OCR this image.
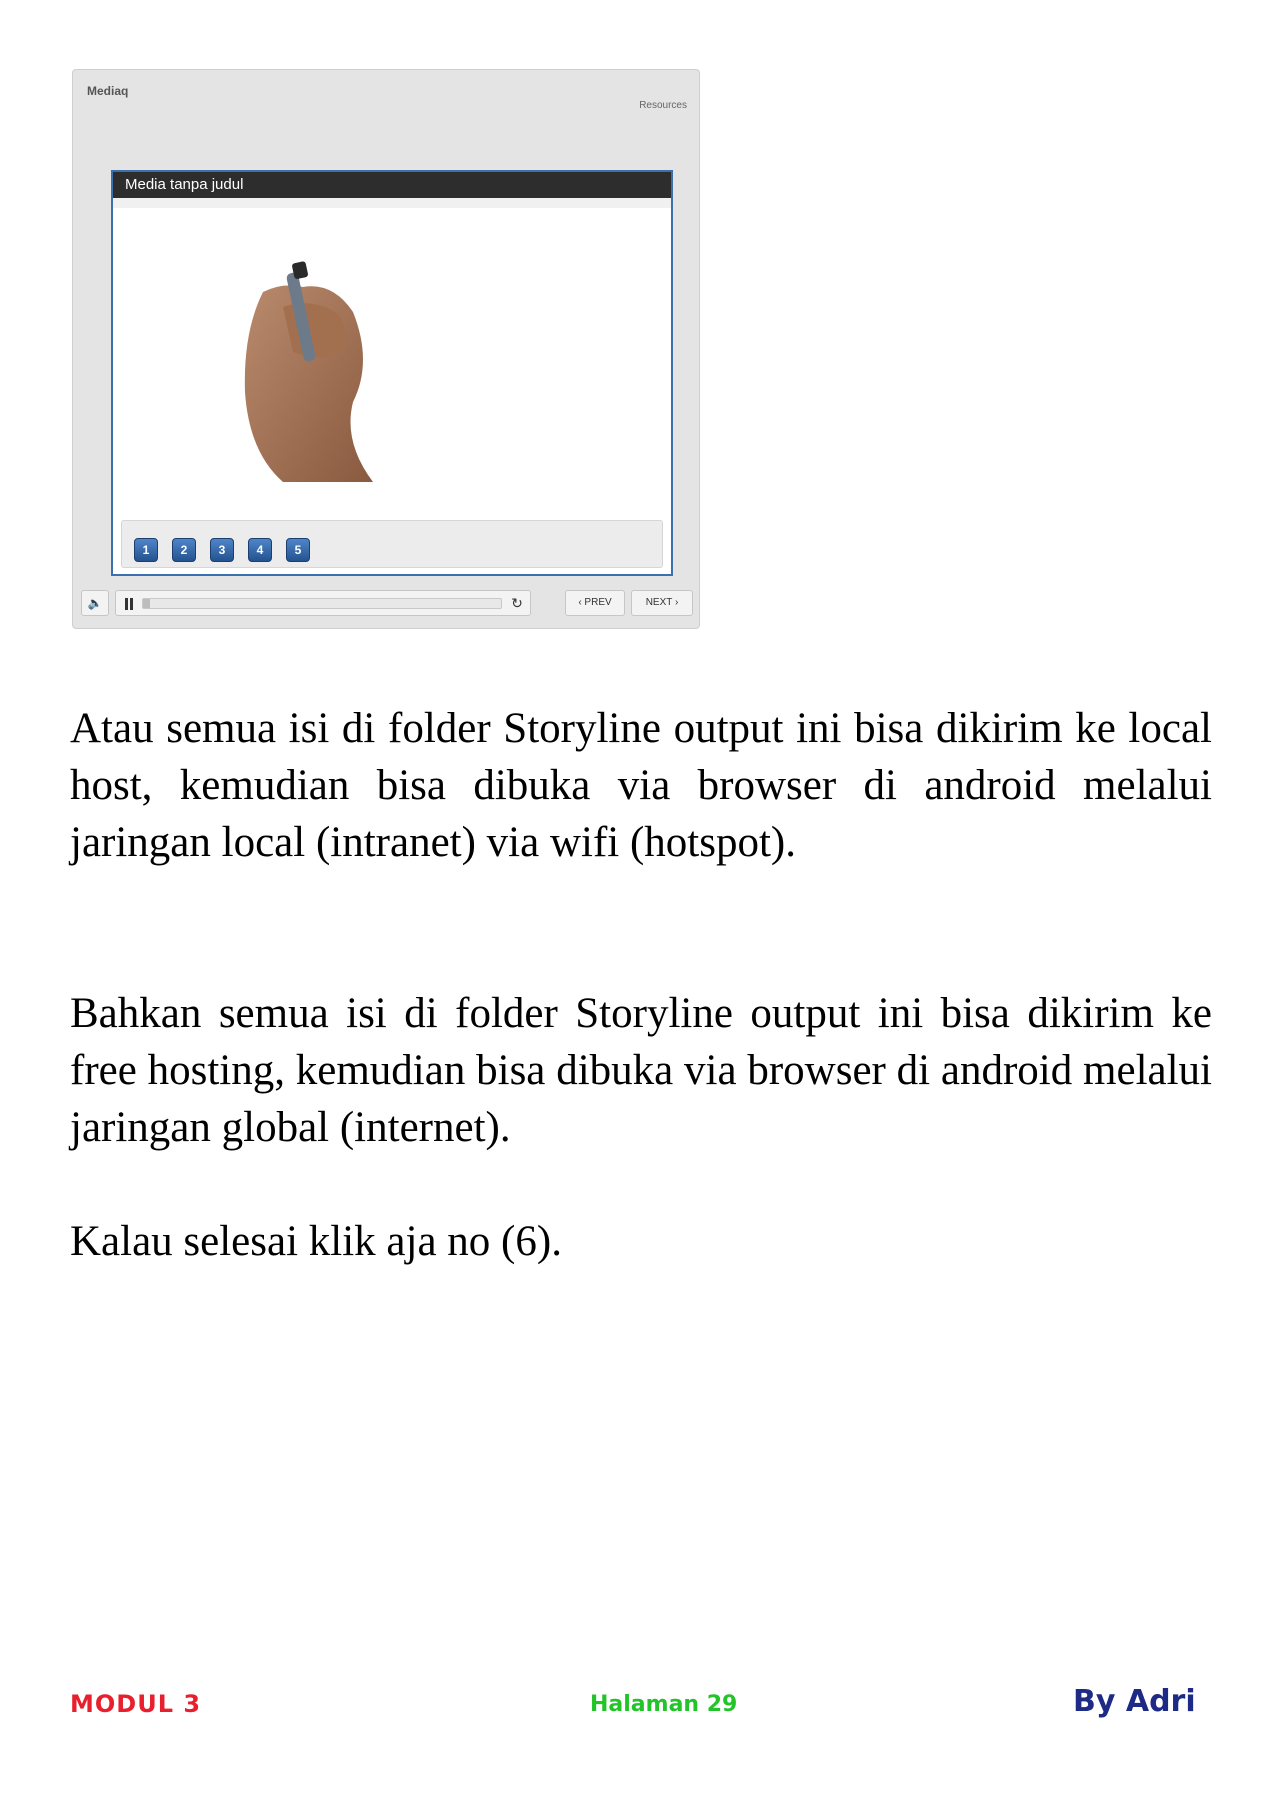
Mediaq
Resources
Media tanpa judul
1	2	3	4	5
🔈	↻	‹ PREV	NEXT ›
Atau semua isi di folder Storyline output ini bisa dikirim ke local host, kemudian bisa dibuka via browser di android melalui jaringan local (intranet) via wifi (hotspot).
Bahkan semua isi di folder Storyline output ini bisa dikirim ke free hosting, kemudian bisa dibuka via browser di android melalui jaringan global (internet).
Kalau selesai klik aja no (6).
MODUL 3	Halaman 29	By Adri
